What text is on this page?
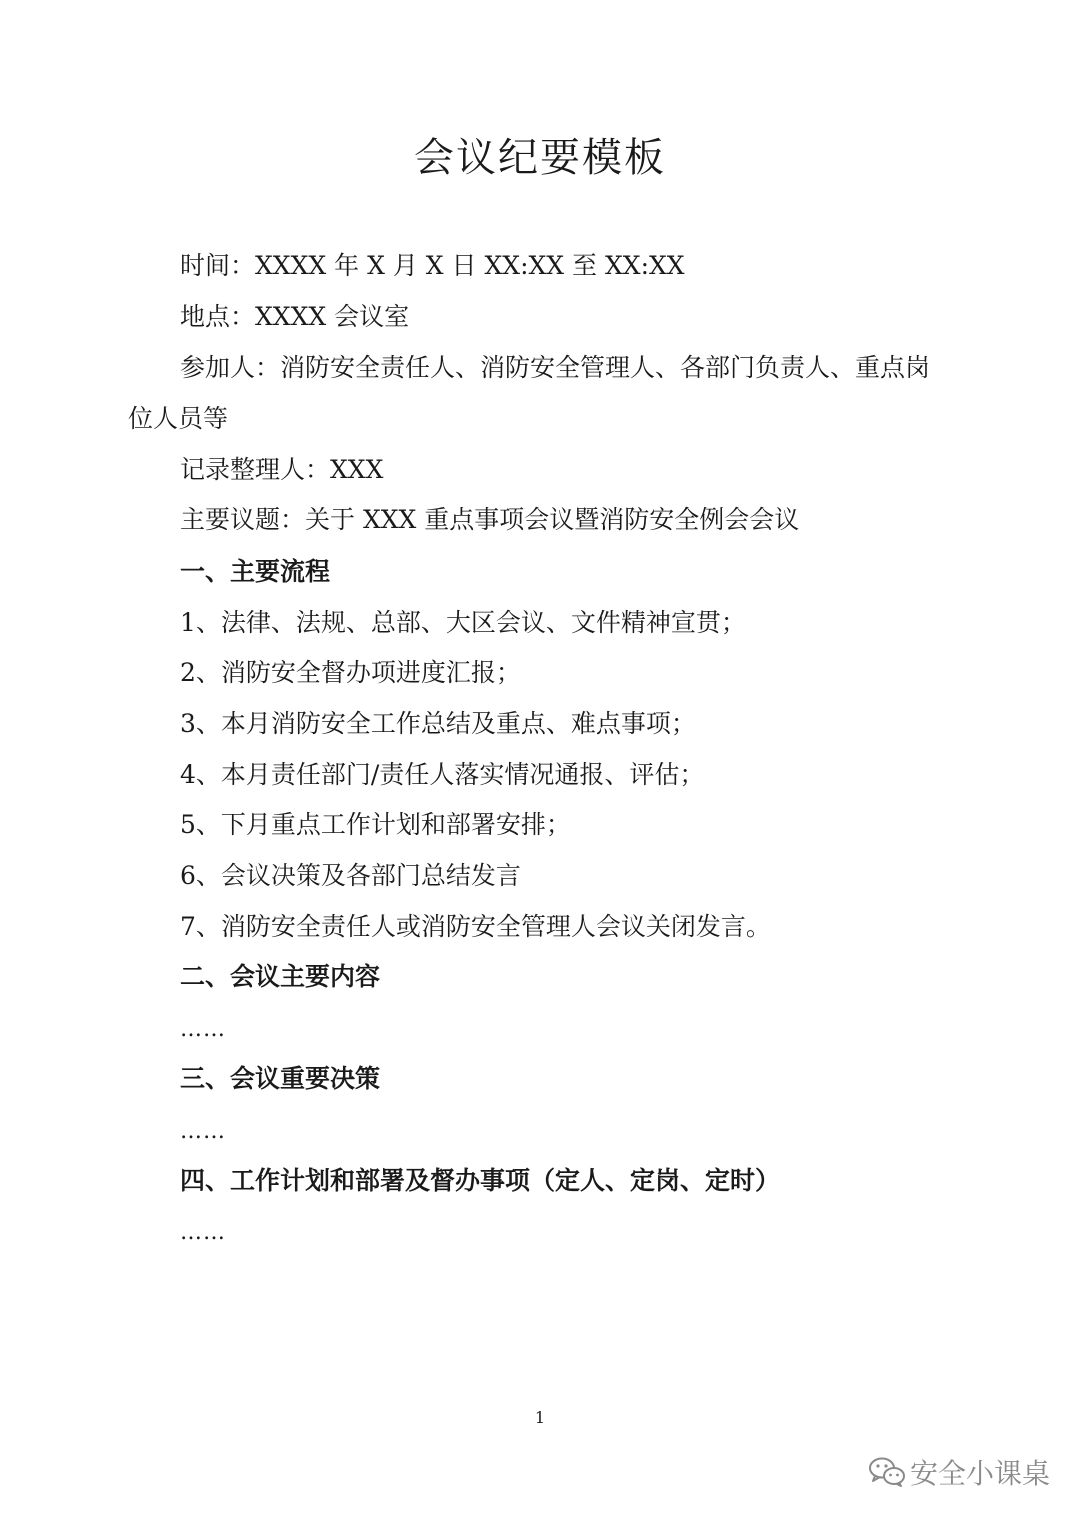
会议纪要模板
时间：XXXX 年 X 月 X 日 XX:XX 至 XX:XX
地点：XXXX 会议室
参加人：消防安全责任人、消防安全管理人、各部门负责人、重点岗
位人员等
记录整理人：XXX
主要议题：关于 XXX 重点事项会议暨消防安全例会会议
一、主要流程
1、法律、法规、总部、大区会议、文件精神宣贯；
2、消防安全督办项进度汇报；
3、本月消防安全工作总结及重点、难点事项；
4、本月责任部门/责任人落实情况通报、评估；
5、下月重点工作计划和部署安排；
6、会议决策及各部门总结发言
7、消防安全责任人或消防安全管理人会议关闭发言。
二、会议主要内容
……
三、会议重要决策
……
四、工作计划和部署及督办事项（定人、定岗、定时）
……
1
安全小课桌
